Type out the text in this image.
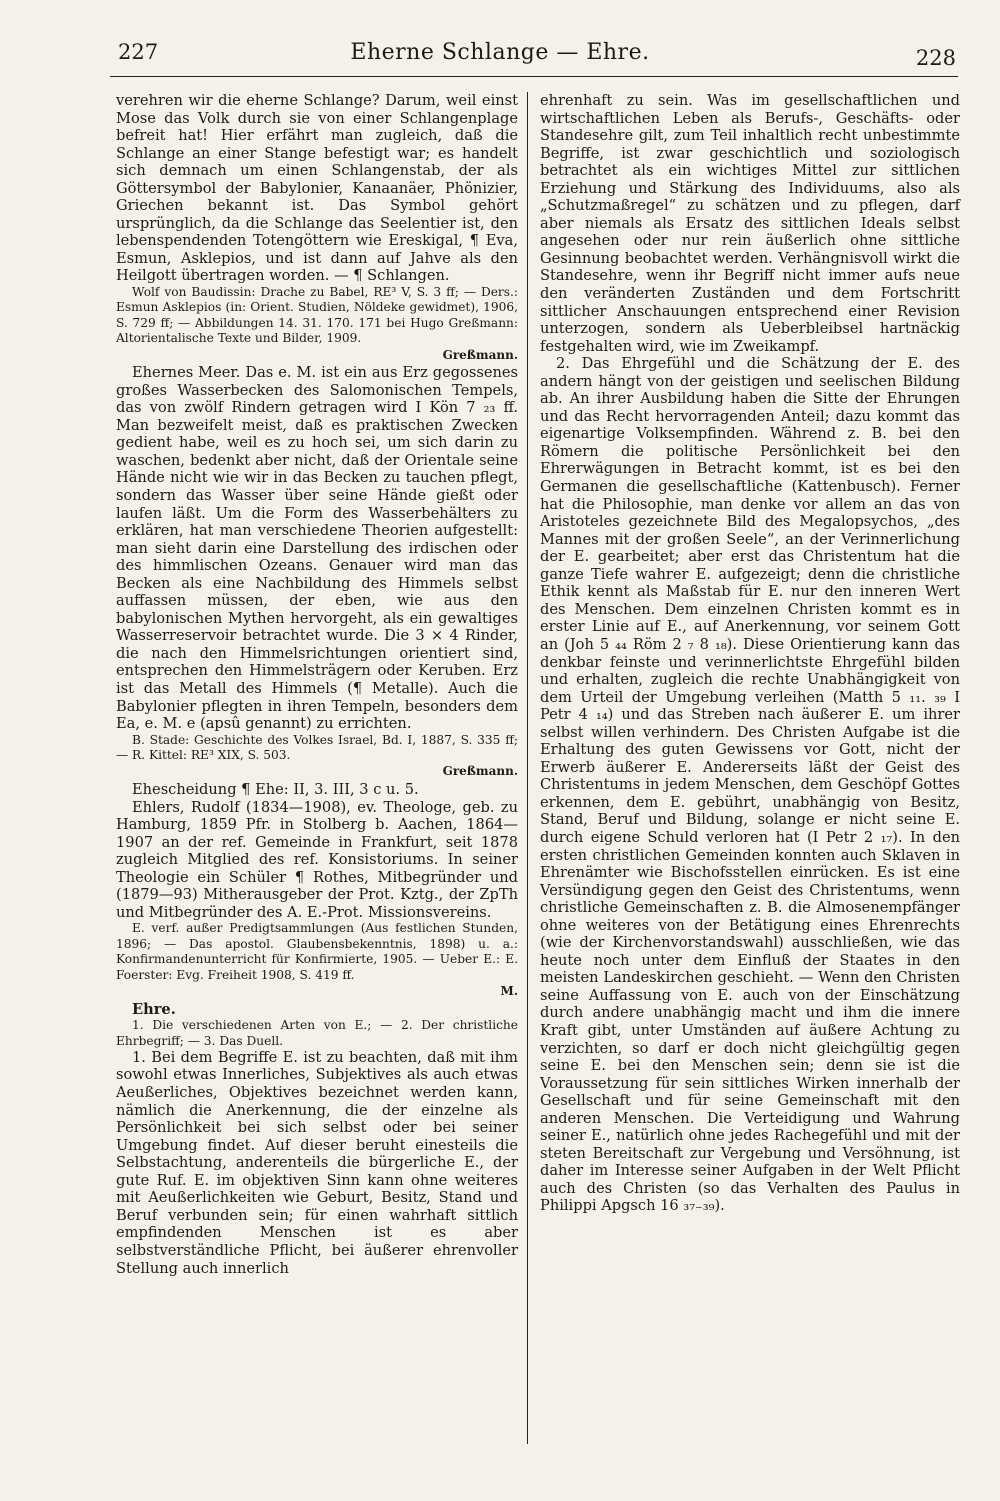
227	Eherne Schlange — Ehre.	228

verehren wir die eherne Schlange? Darum, weil einst Mose das Volk durch sie von einer Schlangenplage befreit hat! Hier erfährt man zugleich, daß die Schlange an einer Stange befestigt war; es handelt sich demnach um einen Schlangenstab, der als Göttersymbol der Babylonier, Kanaanäer, Phönizier, Griechen bekannt ist. Das Symbol gehört ursprünglich, da die Schlange das Seelentier ist, den lebenspendenden Totengöttern wie Ereskigal, ¶ Eva, Esmun, Asklepios, und ist dann auf Jahve als den Heilgott übertragen worden. — ¶ Schlangen.

Wolf von Baudissin: Drache zu Babel, RE³ V, S. 3 ff; — Ders.: Esmun Asklepios (in: Orient. Studien, Nöldeke gewidmet), 1906, S. 729 ff; — Abbildungen 14. 31. 170. 171 bei Hugo Greßmann: Altorientalische Texte und Bilder, 1909.

Greßmann.

Ehernes Meer. Das e. M. ist ein aus Erz gegossenes großes Wasserbecken des Salomonischen Tempels, das von zwölf Rindern getragen wird I Kön 7 ₂₃ ff. Man bezweifelt meist, daß es praktischen Zwecken gedient habe, weil es zu hoch sei, um sich darin zu waschen, bedenkt aber nicht, daß der Orientale seine Hände nicht wie wir in das Becken zu tauchen pflegt, sondern das Wasser über seine Hände gießt oder laufen läßt. Um die Form des Wasserbehälters zu erklären, hat man verschiedene Theorien aufgestellt: man sieht darin eine Darstellung des irdischen oder des himmlischen Ozeans. Genauer wird man das Becken als eine Nachbildung des Himmels selbst auffassen müssen, der eben, wie aus den babylonischen Mythen hervorgeht, als ein gewaltiges Wasserreservoir betrachtet wurde. Die 3 × 4 Rinder, die nach den Himmelsrichtungen orientiert sind, entsprechen den Himmelsträgern oder Keruben. Erz ist das Metall des Himmels (¶ Metalle). Auch die Babylonier pflegten in ihren Tempeln, besonders dem Ea, e. M. e (apsû genannt) zu errichten.

B. Stade: Geschichte des Volkes Israel, Bd. I, 1887, S. 335 ff; — R. Kittel: RE³ XIX, S. 503.

Greßmann.

Ehescheidung ¶ Ehe: II, 3. III, 3 c u. 5.

Ehlers, Rudolf (1834—1908), ev. Theologe, geb. zu Hamburg, 1859 Pfr. in Stolberg b. Aachen, 1864—1907 an der ref. Gemeinde in Frankfurt, seit 1878 zugleich Mitglied des ref. Konsistoriums. In seiner Theologie ein Schüler ¶ Rothes, Mitbegründer und (1879—93) Mitherausgeber der Prot. Kztg., der ZpTh und Mitbegründer des A. E.-Prot. Missionsvereins.

E. verf. außer Predigtsammlungen (Aus festlichen Stunden, 1896; — Das apostol. Glaubensbekenntnis, 1898) u. a.: Konfirmandenunterricht für Konfirmierte, 1905. — Ueber E.: E. Foerster: Evg. Freiheit 1908, S. 419 ff.

M.

Ehre.

1. Die verschiedenen Arten von E.; — 2. Der christliche Ehrbegriff; — 3. Das Duell.

1. Bei dem Begriffe E. ist zu beachten, daß mit ihm sowohl etwas Innerliches, Subjektives als auch etwas Aeußerliches, Objektives bezeichnet werden kann, nämlich die Anerkennung, die der einzelne als Persönlichkeit bei sich selbst oder bei seiner Umgebung findet. Auf dieser beruht einesteils die Selbstachtung, anderenteils die bürgerliche E., der gute Ruf. E. im objektiven Sinn kann ohne weiteres mit Aeußerlichkeiten wie Geburt, Besitz, Stand und Beruf verbunden sein; für einen wahrhaft sittlich empfindenden Menschen ist es aber selbstverständliche Pflicht, bei äußerer ehrenvoller Stellung auch innerlich

ehrenhaft zu sein. Was im gesellschaftlichen und wirtschaftlichen Leben als Berufs-, Geschäfts- oder Standesehre gilt, zum Teil inhaltlich recht unbestimmte Begriffe, ist zwar geschichtlich und soziologisch betrachtet als ein wichtiges Mittel zur sittlichen Erziehung und Stärkung des Individuums, also als „Schutzmaßregel“ zu schätzen und zu pflegen, darf aber niemals als Ersatz des sittlichen Ideals selbst angesehen oder nur rein äußerlich ohne sittliche Gesinnung beobachtet werden. Verhängnisvoll wirkt die Standesehre, wenn ihr Begriff nicht immer aufs neue den veränderten Zuständen und dem Fortschritt sittlicher Anschauungen entsprechend einer Revision unterzogen, sondern als Ueberbleibsel hartnäckig festgehalten wird, wie im Zweikampf.

2. Das Ehrgefühl und die Schätzung der E. des andern hängt von der geistigen und seelischen Bildung ab. An ihrer Ausbildung haben die Sitte der Ehrungen und das Recht hervorragenden Anteil; dazu kommt das eigenartige Volksempfinden. Während z. B. bei den Römern die politische Persönlichkeit bei den Ehrerwägungen in Betracht kommt, ist es bei den Germanen die gesellschaftliche (Kattenbusch). Ferner hat die Philosophie, man denke vor allem an das von Aristoteles gezeichnete Bild des Megalopsychos, „des Mannes mit der großen Seele“, an der Verinnerlichung der E. gearbeitet; aber erst das Christentum hat die ganze Tiefe wahrer E. aufgezeigt; denn die christliche Ethik kennt als Maßstab für E. nur den inneren Wert des Menschen. Dem einzelnen Christen kommt es in erster Linie auf E., auf Anerkennung, vor seinem Gott an (Joh 5 ₄₄ Röm 2 ₇ 8 ₁₈). Diese Orientierung kann das denkbar feinste und verinnerlichtste Ehrgefühl bilden und erhalten, zugleich die rechte Unabhängigkeit von dem Urteil der Umgebung verleihen (Matth 5 ₁₁. ₃₉ I Petr 4 ₁₄) und das Streben nach äußerer E. um ihrer selbst willen verhindern. Des Christen Aufgabe ist die Erhaltung des guten Gewissens vor Gott, nicht der Erwerb äußerer E. Andererseits läßt der Geist des Christentums in jedem Menschen, dem Geschöpf Gottes erkennen, dem E. gebührt, unabhängig von Besitz, Stand, Beruf und Bildung, solange er nicht seine E. durch eigene Schuld verloren hat (I Petr 2 ₁₇). In den ersten christlichen Gemeinden konnten auch Sklaven in Ehrenämter wie Bischofsstellen einrücken. Es ist eine Versündigung gegen den Geist des Christentums, wenn christliche Gemeinschaften z. B. die Almosenempfänger ohne weiteres von der Betätigung eines Ehrenrechts (wie der Kirchenvorstandswahl) ausschließen, wie das heute noch unter dem Einfluß der Staates in den meisten Landeskirchen geschieht. — Wenn den Christen seine Auffassung von E. auch von der Einschätzung durch andere unabhängig macht und ihm die innere Kraft gibt, unter Umständen auf äußere Achtung zu verzichten, so darf er doch nicht gleichgültig gegen seine E. bei den Menschen sein; denn sie ist die Voraussetzung für sein sittliches Wirken innerhalb der Gesellschaft und für seine Gemeinschaft mit den anderen Menschen. Die Verteidigung und Wahrung seiner E., natürlich ohne jedes Rachegefühl und mit der steten Bereitschaft zur Vergebung und Versöhnung, ist daher im Interesse seiner Aufgaben in der Welt Pflicht auch des Christen (so das Verhalten des Paulus in Philippi Apgsch 16 ₃₇₋₃₉).
